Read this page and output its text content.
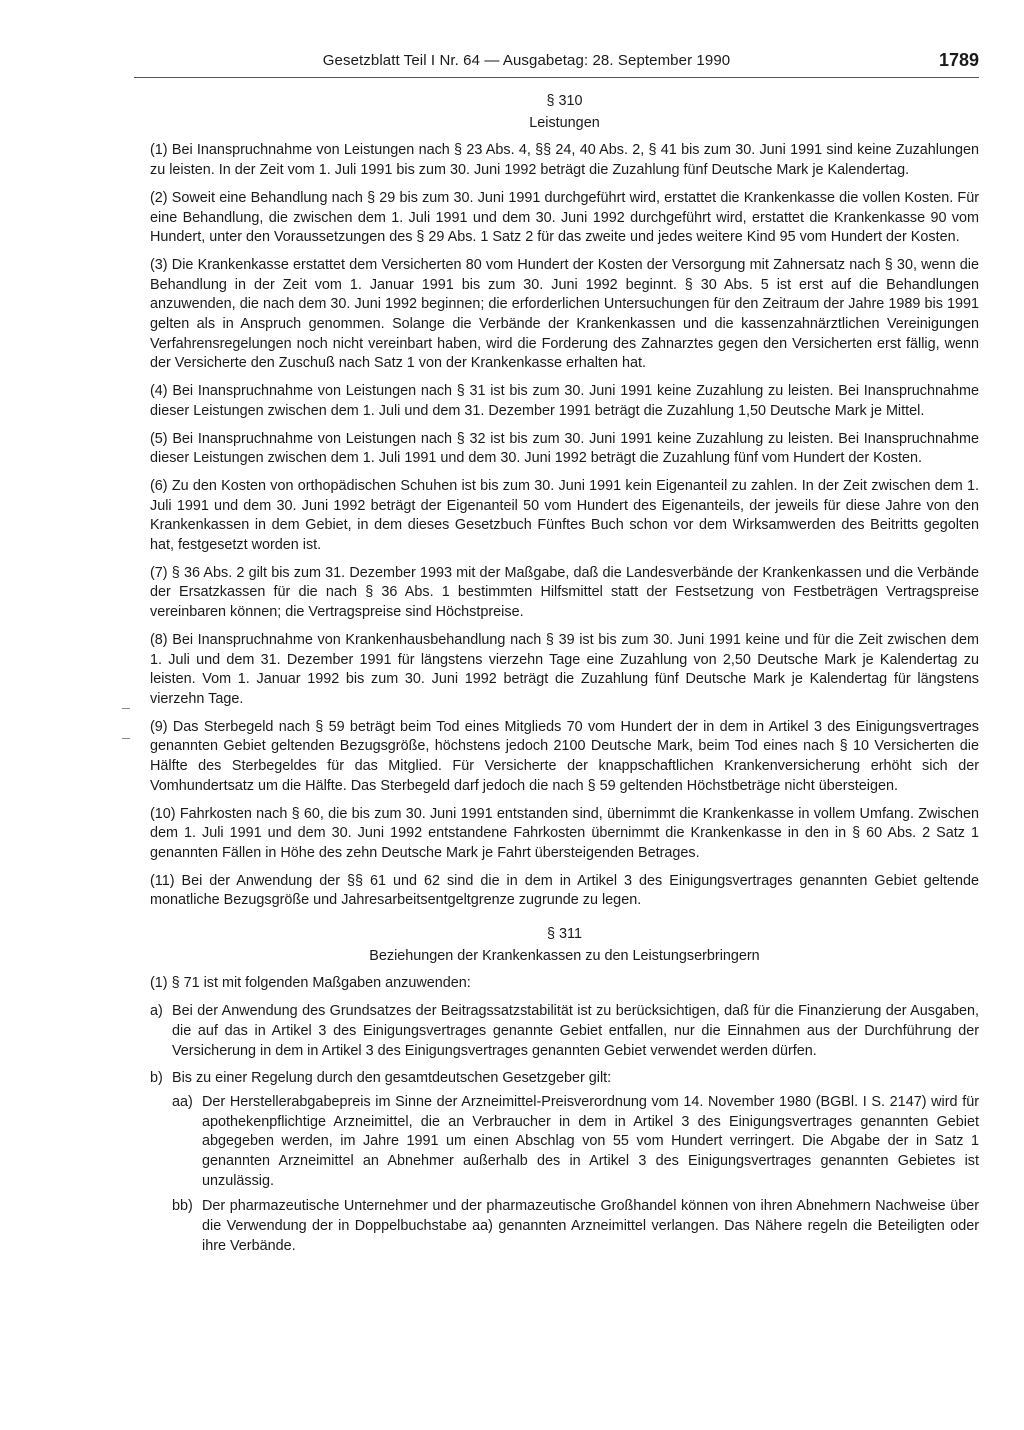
Gesetzblatt Teil I Nr. 64 — Ausgabetag: 28. September 1990	1789
§ 310
Leistungen

(1) Bei Inanspruchnahme von Leistungen nach § 23 Abs. 4, §§ 24, 40 Abs. 2, § 41 bis zum 30. Juni 1991 sind keine Zuzahlungen zu leisten. In der Zeit vom 1. Juli 1991 bis zum 30. Juni 1992 beträgt die Zuzahlung fünf Deutsche Mark je Kalendertag.

(2) Soweit eine Behandlung nach § 29 bis zum 30. Juni 1991 durchgeführt wird, erstattet die Krankenkasse die vollen Kosten. Für eine Behandlung, die zwischen dem 1. Juli 1991 und dem 30. Juni 1992 durchgeführt wird, erstattet die Krankenkasse 90 vom Hundert, unter den Voraussetzungen des § 29 Abs. 1 Satz 2 für das zweite und jedes weitere Kind 95 vom Hundert der Kosten.

(3) Die Krankenkasse erstattet dem Versicherten 80 vom Hundert der Kosten der Versorgung mit Zahnersatz nach § 30, wenn die Behandlung in der Zeit vom 1. Januar 1991 bis zum 30. Juni 1992 beginnt. § 30 Abs. 5 ist erst auf die Behandlungen anzuwenden, die nach dem 30. Juni 1992 beginnen; die erforderlichen Untersuchungen für den Zeitraum der Jahre 1989 bis 1991 gelten als in Anspruch genommen. Solange die Verbände der Krankenkassen und die kassenzahnärztlichen Vereinigungen Verfahrensregelungen noch nicht vereinbart haben, wird die Forderung des Zahnarztes gegen den Versicherten erst fällig, wenn der Versicherte den Zuschuß nach Satz 1 von der Krankenkasse erhalten hat.

(4) Bei Inanspruchnahme von Leistungen nach § 31 ist bis zum 30. Juni 1991 keine Zuzahlung zu leisten. Bei Inanspruchnahme dieser Leistungen zwischen dem 1. Juli und dem 31. Dezember 1991 beträgt die Zuzahlung 1,50 Deutsche Mark je Mittel.

(5) Bei Inanspruchnahme von Leistungen nach § 32 ist bis zum 30. Juni 1991 keine Zuzahlung zu leisten. Bei Inanspruchnahme dieser Leistungen zwischen dem 1. Juli 1991 und dem 30. Juni 1992 beträgt die Zuzahlung fünf vom Hundert der Kosten.

(6) Zu den Kosten von orthopädischen Schuhen ist bis zum 30. Juni 1991 kein Eigenanteil zu zahlen. In der Zeit zwischen dem 1. Juli 1991 und dem 30. Juni 1992 beträgt der Eigenanteil 50 vom Hundert des Eigenanteils, der jeweils für diese Jahre von den Krankenkassen in dem Gebiet, in dem dieses Gesetzbuch Fünftes Buch schon vor dem Wirksamwerden des Beitritts gegolten hat, festgesetzt worden ist.

(7) § 36 Abs. 2 gilt bis zum 31. Dezember 1993 mit der Maßgabe, daß die Landesverbände der Krankenkassen und die Verbände der Ersatzkassen für die nach § 36 Abs. 1 bestimmten Hilfsmittel statt der Festsetzung von Festbeträgen Vertragspreise vereinbaren können; die Vertragspreise sind Höchstpreise.

(8) Bei Inanspruchnahme von Krankenhausbehandlung nach § 39 ist bis zum 30. Juni 1991 keine und für die Zeit zwischen dem 1. Juli und dem 31. Dezember 1991 für längstens vierzehn Tage eine Zuzahlung von 2,50 Deutsche Mark je Kalendertag zu leisten. Vom 1. Januar 1992 bis zum 30. Juni 1992 beträgt die Zuzahlung fünf Deutsche Mark je Kalendertag für längstens vierzehn Tage.

(9) Das Sterbegeld nach § 59 beträgt beim Tod eines Mitglieds 70 vom Hundert der in dem in Artikel 3 des Einigungsvertrages genannten Gebiet geltenden Bezugsgröße, höchstens jedoch 2100 Deutsche Mark, beim Tod eines nach § 10 Versicherten die Hälfte des Sterbegeldes für das Mitglied. Für Versicherte der knappschaftlichen Krankenversicherung erhöht sich der Vomhundertsatz um die Hälfte. Das Sterbegeld darf jedoch die nach § 59 geltenden Höchstbeträge nicht übersteigen.

(10) Fahrkosten nach § 60, die bis zum 30. Juni 1991 entstanden sind, übernimmt die Krankenkasse in vollem Umfang. Zwischen dem 1. Juli 1991 und dem 30. Juni 1992 entstandene Fahrkosten übernimmt die Krankenkasse in den in § 60 Abs. 2 Satz 1 genannten Fällen in Höhe des zehn Deutsche Mark je Fahrt übersteigenden Betrages.

(11) Bei der Anwendung der §§ 61 und 62 sind die in dem in Artikel 3 des Einigungsvertrages genannten Gebiet geltende monatliche Bezugsgröße und Jahresarbeitsentgeltgrenze zugrunde zu legen.

§ 311
Beziehungen der Krankenkassen zu den Leistungserbringern

(1) § 71 ist mit folgenden Maßgaben anzuwenden:

a) Bei der Anwendung des Grundsatzes der Beitragssatzstabilität ist zu berücksichtigen, daß für die Finanzierung der Ausgaben, die auf das in Artikel 3 des Einigungsvertrages genannte Gebiet entfallen, nur die Einnahmen aus der Durchführung der Versicherung in dem in Artikel 3 des Einigungsvertrages genannten Gebiet verwendet werden dürfen.
b) Bis zu einer Regelung durch den gesamtdeutschen Gesetzgeber gilt:
aa) Der Herstellerabgabepreis im Sinne der Arzneimittel-Preisverordnung vom 14. November 1980 (BGBl. I S. 2147) wird für apothekenpflichtige Arzneimittel, die an Verbraucher in dem in Artikel 3 des Einigungsvertrages genannten Gebiet abgegeben werden, im Jahre 1991 um einen Abschlag von 55 vom Hundert verringert. Die Abgabe der in Satz 1 genannten Arzneimittel an Abnehmer außerhalb des in Artikel 3 des Einigungsvertrages genannten Gebietes ist unzulässig.
bb) Der pharmazeutische Unternehmer und der pharmazeutische Großhandel können von ihren Abnehmern Nachweise über die Verwendung der in Doppelbuchstabe aa) genannten Arzneimittel verlangen. Das Nähere regeln die Beteiligten oder ihre Verbände.
